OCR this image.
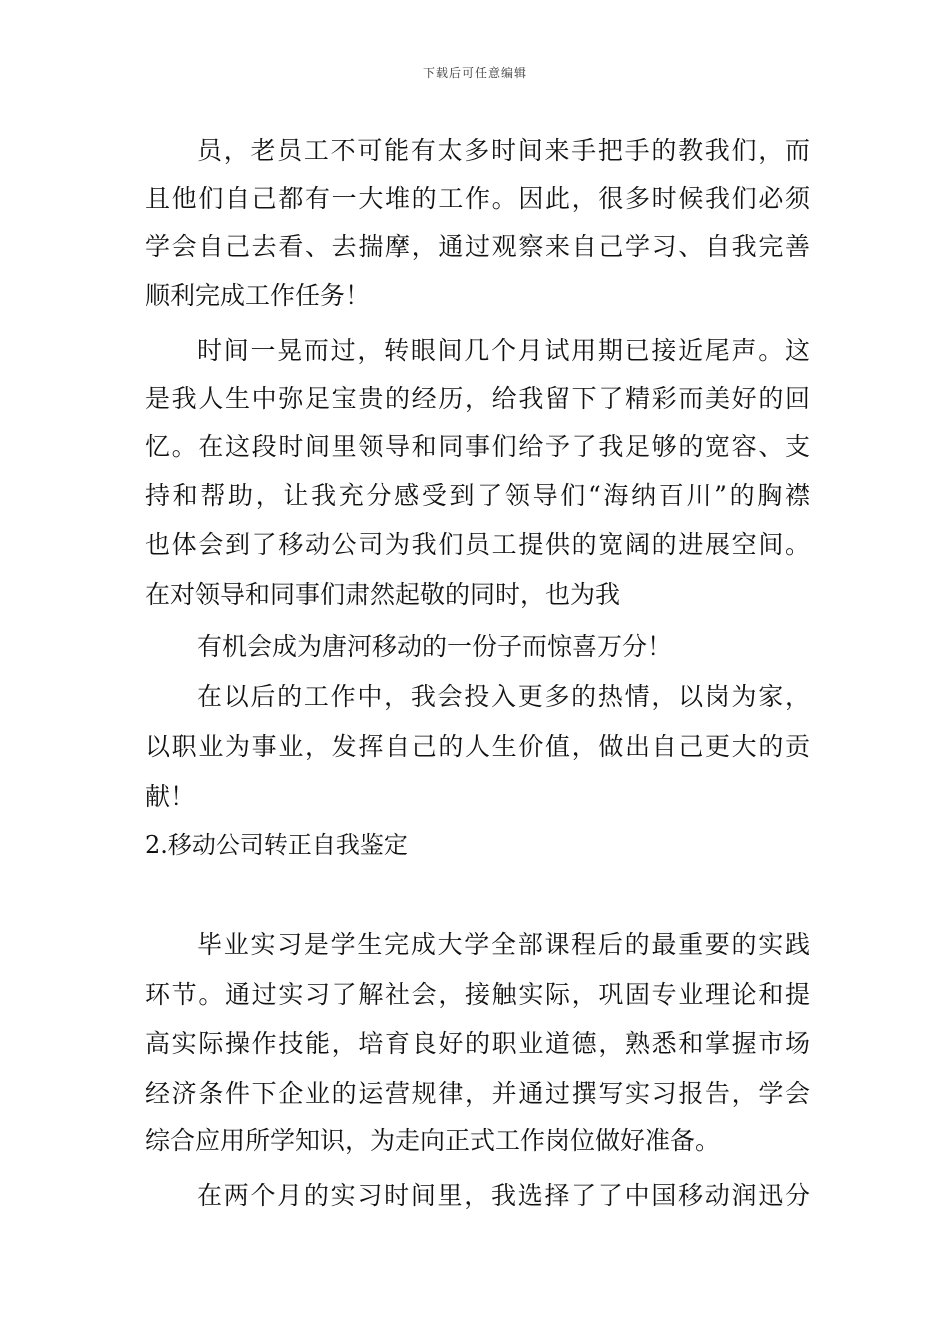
下载后可任意编辑
员，老员工不可能有太多时间来手把手的教我们，而
且他们自己都有一大堆的工作。因此，很多时候我们必须
学会自己去看、去揣摩，通过观察来自己学习、自我完善
顺利完成工作任务！
时间一晃而过，转眼间几个月试用期已接近尾声。这
是我人生中弥足宝贵的经历，给我留下了精彩而美好的回
忆。在这段时间里领导和同事们给予了我足够的宽容、支
持和帮助，让我充分感受到了领导们“海纳百川”的胸襟
也体会到了移动公司为我们员工提供的宽阔的进展空间。
在对领导和同事们肃然起敬的同时，也为我
有机会成为唐河移动的一份子而惊喜万分！
在以后的工作中，我会投入更多的热情，以岗为家，
以职业为事业，发挥自己的人生价值，做出自己更大的贡
献！
2.移动公司转正自我鉴定
毕业实习是学生完成大学全部课程后的最重要的实践
环节。通过实习了解社会，接触实际，巩固专业理论和提
高实际操作技能，培育良好的职业道德，熟悉和掌握市场
经济条件下企业的运营规律，并通过撰写实习报告，学会
综合应用所学知识，为走向正式工作岗位做好准备。
在两个月的实习时间里，我选择了了中国移动润迅分
